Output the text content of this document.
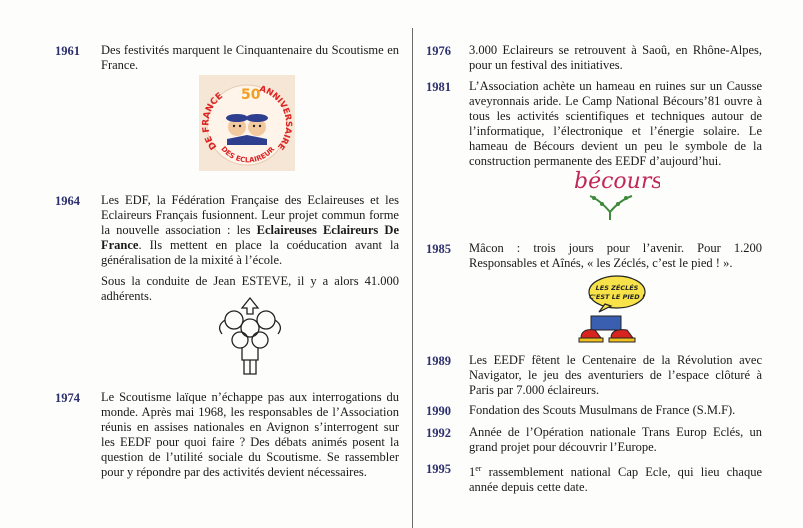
1961 Des festivités marquent le Cinquantenaire du Scoutisme en France.

DE FRANCE
ANNIVERSAIRE
DES ECLAIREUR
50
1964 Les EDF, la Fédération Française des Eclaireuses et les Eclaireurs Français fusionnent. Leur projet commun forme la nouvelle association : les Eclaireuses Eclaireurs De France. Ils mettent en place la coéducation avant la généralisation de la mixité à l’école.

Sous la conduite de Jean ESTEVE, il y a alors 41.000 adhérents.

1974 Le Scoutisme laïque n’échappe pas aux interrogations du monde. Après mai 1968, les responsables de l’Association réunis en assises nationales en Avignon s’interrogent sur les EEDF pour quoi faire ? Des débats animés posent la question de l’utilité sociale du Scoutisme. Se rassembler pour y répondre par des activités devient nécessaires.

1976 3.000 Eclaireurs se retrouvent à Saoû, en Rhône-Alpes, pour un festival des initiatives.

1981 L’Association achète un hameau en ruines sur un Causse aveyronnais aride. Le Camp National Bécours’81 ouvre à tous les activités scientifiques et techniques autour de l’informatique, l’électronique et l’énergie solaire. Le hameau de Bécours devient un peu le symbole de la construction permanente des EEDF d’aujourd’hui.

bécours
1985 Mâcon : trois jours pour l’avenir. Pour 1.200 Responsables et Aînés, « les Zéclés, c’est le pied ! ».

LES ZÉCLÉS
C'EST LE PIED !
1989 Les EEDF fêtent le Centenaire de la Révolution avec Navigator, le jeu des aventuriers de l’espace clôturé à Paris par 7.000 éclaireurs.

1990 Fondation des Scouts Musulmans de France (S.M.F).

1992 Année de l’Opération nationale Trans Europ Eclés, un grand projet pour découvrir l’Europe.

1995 1er rassemblement national Cap Ecle, qui lieu chaque année depuis cette date.
